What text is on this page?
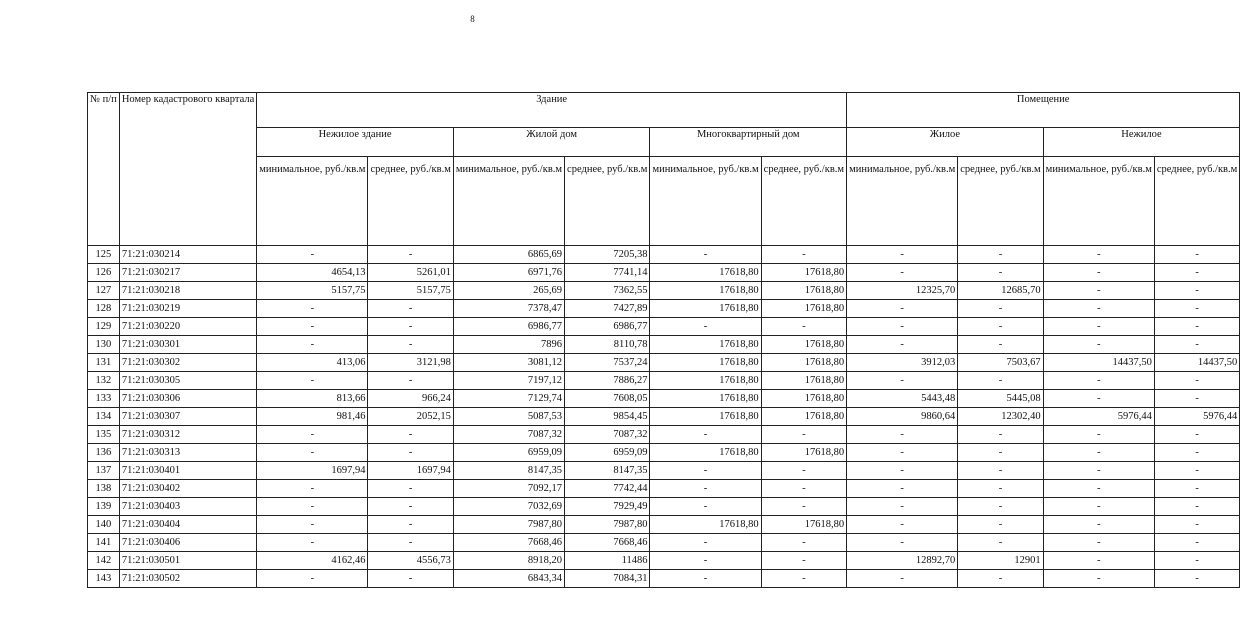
8
№ п/п	Номер кадастрового квартала	Здание						Помещение			
		Нежилое здание		Жилой дом		Многоквартирный дом		Жилое		Нежилое	
		минимальное, руб./кв.м	среднее, руб./кв.м	минимальное, руб./кв.м	среднее, руб./кв.м	минимальное, руб./кв.м	среднее, руб./кв.м	минимальное, руб./кв.м	среднее, руб./кв.м	минимальное, руб./кв.м	среднее, руб./кв.м
125	71:21:030214	-	-	6865,69	7205,38	-	-	-	-	-	-
126	71:21:030217	4654,13	5261,01	6971,76	7741,14	17618,80	17618,80	-	-	-	-
127	71:21:030218	5157,75	5157,75	265,69	7362,55	17618,80	17618,80	12325,70	12685,70	-	-
128	71:21:030219	-	-	7378,47	7427,89	17618,80	17618,80	-	-	-	-
129	71:21:030220	-	-	6986,77	6986,77	-	-	-	-	-	-
130	71:21:030301	-	-	7896	8110,78	17618,80	17618,80	-	-	-	-
131	71:21:030302	413,06	3121,98	3081,12	7537,24	17618,80	17618,80	3912,03	7503,67	14437,50	14437,50
132	71:21:030305	-	-	7197,12	7886,27	17618,80	17618,80	-	-	-	-
133	71:21:030306	813,66	966,24	7129,74	7608,05	17618,80	17618,80	5443,48	5445,08	-	-
134	71:21:030307	981,46	2052,15	5087,53	9854,45	17618,80	17618,80	9860,64	12302,40	5976,44	5976,44
135	71:21:030312	-	-	7087,32	7087,32	-	-	-	-	-	-
136	71:21:030313	-	-	6959,09	6959,09	17618,80	17618,80	-	-	-	-
137	71:21:030401	1697,94	1697,94	8147,35	8147,35	-	-	-	-	-	-
138	71:21:030402	-	-	7092,17	7742,44	-	-	-	-	-	-
139	71:21:030403	-	-	7032,69	7929,49	-	-	-	-	-	-
140	71:21:030404	-	-	7987,80	7987,80	17618,80	17618,80	-	-	-	-
141	71:21:030406	-	-	7668,46	7668,46	-	-	-	-	-	-
142	71:21:030501	4162,46	4556,73	8918,20	11486	-	-	12892,70	12901	-	-
143	71:21:030502	-	-	6843,34	7084,31	-	-	-	-	-	-
